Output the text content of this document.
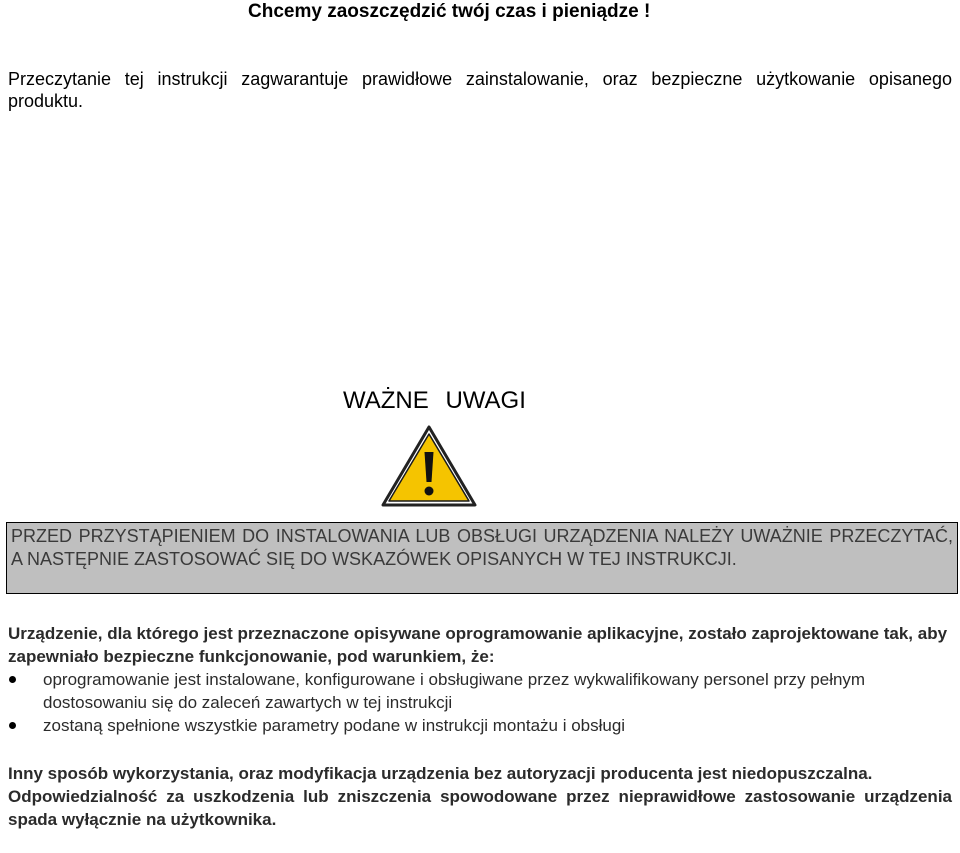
Chcemy zaoszczędzić twój czas i pieniądze !
Przeczytanie tej instrukcji zagwarantuje prawidłowe zainstalowanie, oraz bezpieczne użytkowanie opisanego produktu.
WAŻNE UWAGI
PRZED PRZYSTĄPIENIEM DO INSTALOWANIA LUB OBSŁUGI URZĄDZENIA NALEŻY UWAŻNIE PRZECZYTAĆ, A NASTĘPNIE ZASTOSOWAĆ SIĘ DO WSKAZÓWEK OPISANYCH W TEJ INSTRUKCJI.
Urządzenie, dla którego jest przeznaczone opisywane oprogramowanie aplikacyjne, zostało zaprojektowane tak, aby zapewniało bezpieczne funkcjonowanie, pod warunkiem, że:
oprogramowanie jest instalowane, konfigurowane i obsługiwane przez wykwalifikowany personel przy pełnym dostosowaniu się do zaleceń zawartych w tej instrukcji
zostaną spełnione wszystkie parametry podane w instrukcji montażu i obsługi

Inny sposób wykorzystania, oraz modyfikacja urządzenia bez autoryzacji producenta jest niedopuszczalna.

Odpowiedzialność za uszkodzenia lub zniszczenia spowodowane przez nieprawidłowe zastosowanie urządzenia spada wyłącznie na użytkownika.
